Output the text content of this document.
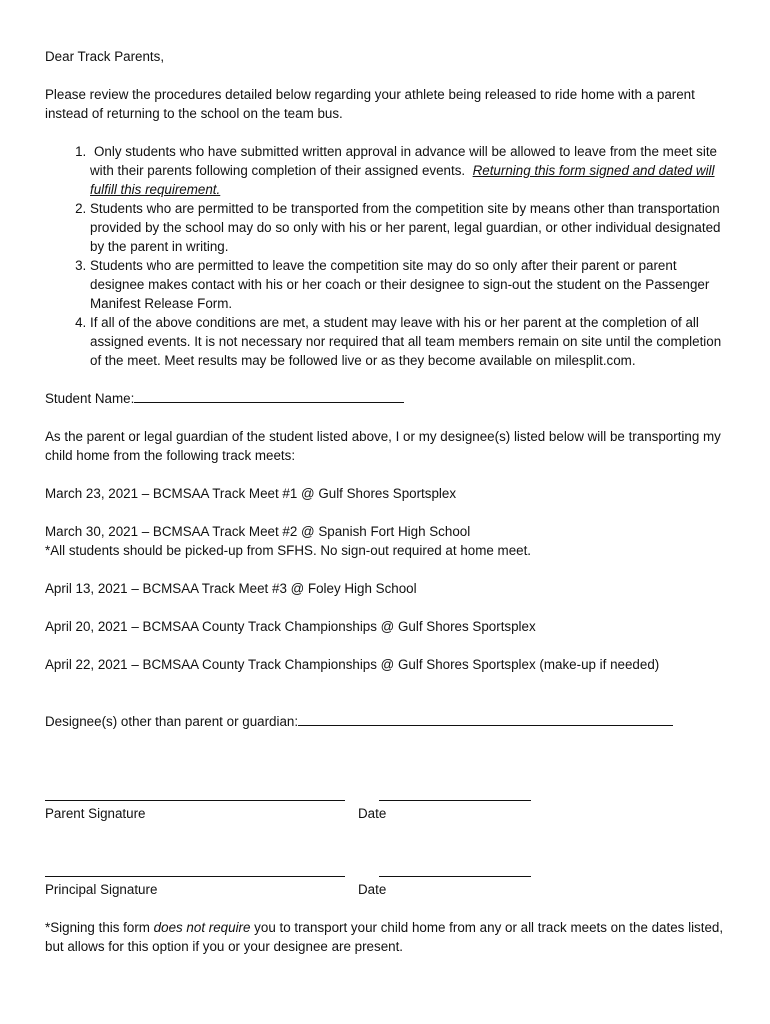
Dear Track Parents,

Please review the procedures detailed below regarding your athlete being released to ride home with a parent instead of returning to the school on the team bus.

1. Only students who have submitted written approval in advance will be allowed to leave from the meet site with their parents following completion of their assigned events. Returning this form signed and dated will fulfill this requirement.
2. Students who are permitted to be transported from the competition site by means other than transportation provided by the school may do so only with his or her parent, legal guardian, or other individual designated by the parent in writing.
3. Students who are permitted to leave the competition site may do so only after their parent or parent designee makes contact with his or her coach or their designee to sign-out the student on the Passenger Manifest Release Form.
4. If all of the above conditions are met, a student may leave with his or her parent at the completion of all assigned events. It is not necessary nor required that all team members remain on site until the completion of the meet. Meet results may be followed live or as they become available on milesplit.com.

Student Name:

As the parent or legal guardian of the student listed above, I or my designee(s) listed below will be transporting my child home from the following track meets:

March 23, 2021 – BCMSAA Track Meet #1 @ Gulf Shores Sportsplex

March 30, 2021 – BCMSAA Track Meet #2 @ Spanish Fort High School

*All students should be picked-up from SFHS. No sign-out required at home meet.

April 13, 2021 – BCMSAA Track Meet #3 @ Foley High School

April 20, 2021 – BCMSAA County Track Championships @ Gulf Shores Sportsplex

April 22, 2021 – BCMSAA County Track Championships @ Gulf Shores Sportsplex (make-up if needed)

Designee(s) other than parent or guardian:

Parent Signature	Date
Principal Signature	Date

*Signing this form does not require you to transport your child home from any or all track meets on the dates listed, but allows for this option if you or your designee are present.
